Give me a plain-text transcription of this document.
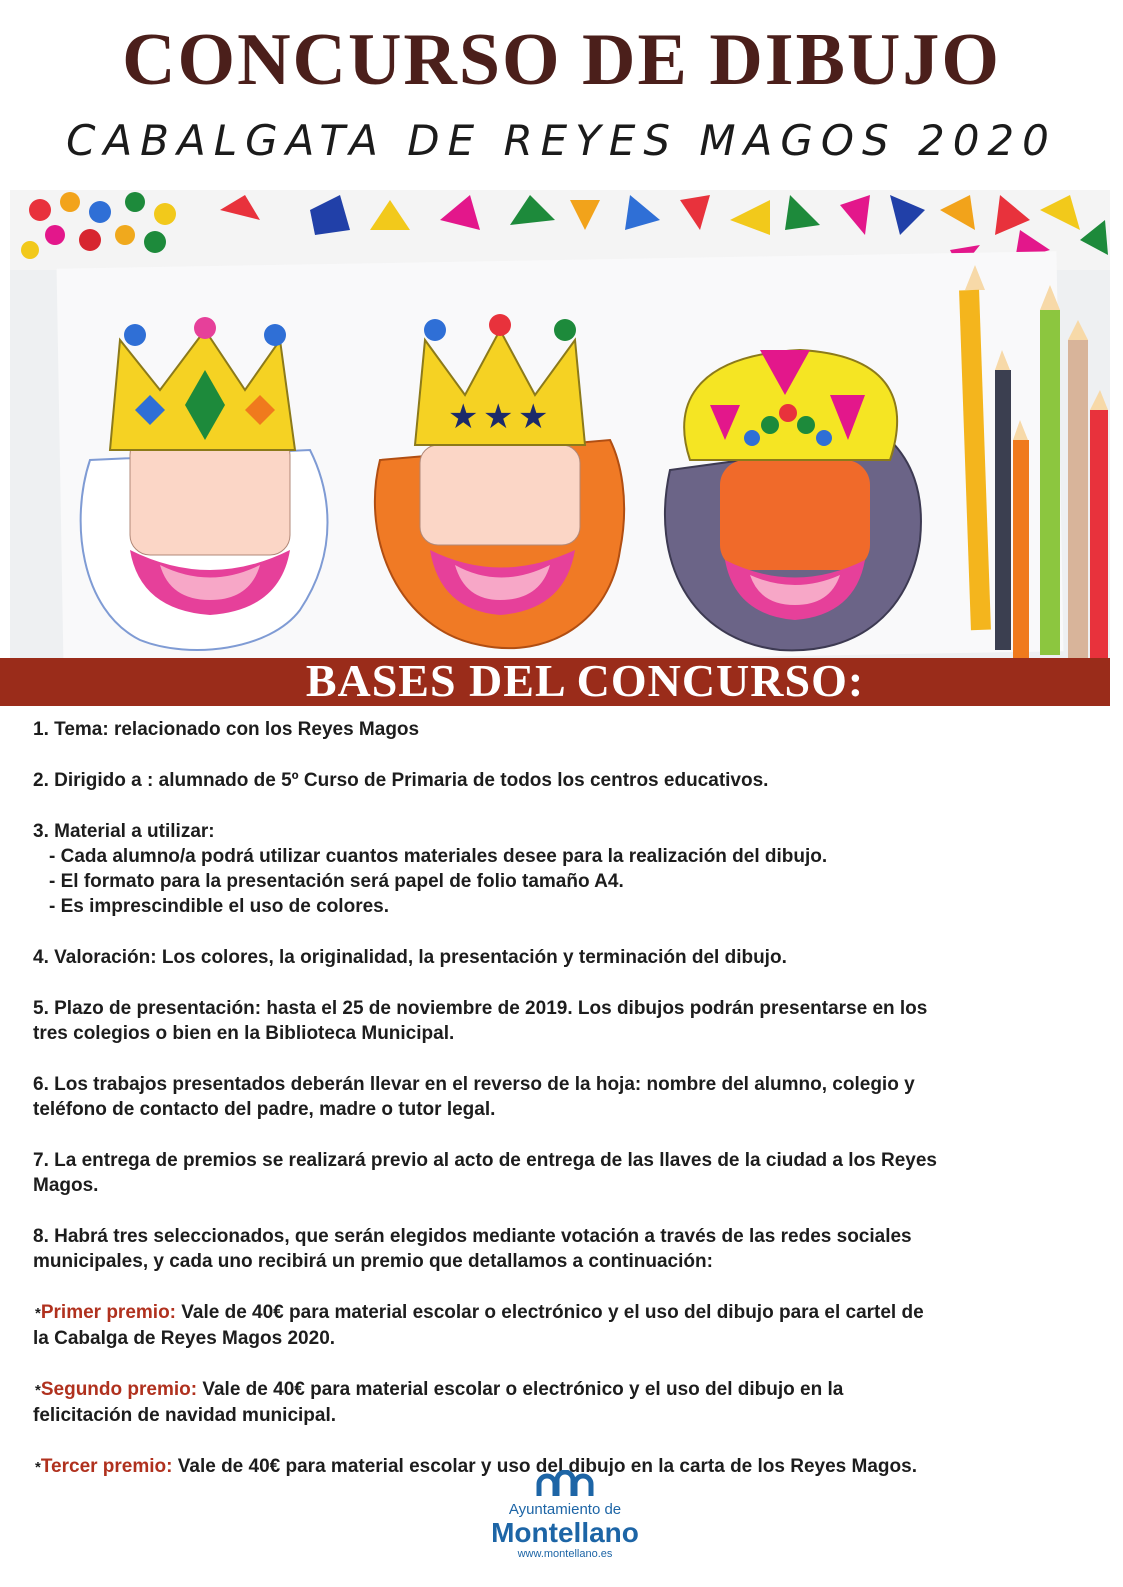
CONCURSO DE DIBUJO
CABALGATA DE REYES MAGOS 2020
★ ★ ★
BASES DEL CONCURSO:

1. Tema: relacionado con los Reyes Magos

2. Dirigido a : alumnado de 5º Curso de Primaria de todos los centros educativos.

3. Material a utilizar:

- Cada alumno/a podrá utilizar cuantos materiales desee para la realización del dibujo.

- El formato para la presentación será papel de folio tamaño A4.

- Es imprescindible el uso de colores.

4. Valoración: Los colores, la originalidad, la presentación y terminación del dibujo.

5. Plazo de presentación: hasta el 25 de noviembre de 2019. Los dibujos podrán presentarse en los

tres colegios o bien en la Biblioteca Municipal.

6. Los trabajos presentados deberán llevar en el reverso de la hoja: nombre del alumno, colegio y

teléfono de contacto del padre, madre o tutor legal.

7. La entrega de premios se realizará previo al acto de entrega de las llaves de la ciudad a los Reyes

Magos.

8. Habrá tres seleccionados, que serán elegidos mediante votación a través de las redes sociales

municipales, y cada uno recibirá un premio que detallamos a continuación:

*Primer premio: Vale de 40€ para material escolar o electrónico y el uso del dibujo para el cartel de

la Cabalga de Reyes Magos 2020.

*Segundo premio: Vale de 40€ para material escolar o electrónico y el uso del dibujo en la

felicitación de navidad municipal.

*Tercer premio: Vale de 40€ para material escolar y uso del dibujo en la carta de los Reyes Magos.

Ayuntamiento de
Montellano
www.montellano.es
